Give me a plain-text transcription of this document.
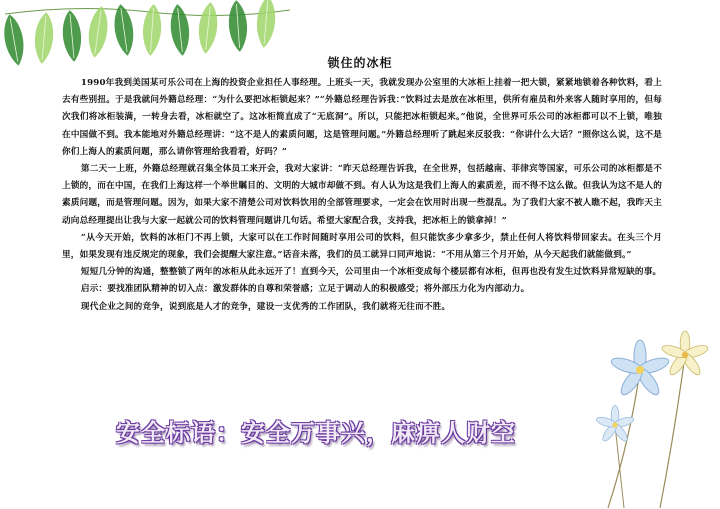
锁住的冰柜

1990年我到美国某可乐公司在上海的投资企业担任人事经理。上班头一天，我就发现办公室里的大冰柜上挂着一把大锁，紧紧地锁着各种饮料，看上去有些别扭。于是我就问外籍总经理：“为什么要把冰柜锁起来？”“外籍总经理告诉我：”饮料过去是放在冰柜里，供所有雇员和外来客人随时享用的，但每次我们将冰柜装满，一转身去看，冰柜就空了。这冰柜简直成了“无底洞”。所以，只能把冰柜锁起来。”他说，全世界可乐公司的冰柜都可以不上锁，唯独在中国做不到。我本能地对外籍总经理讲：“这不是人的素质问题，这是管理问题。”外籍总经理听了跳起来反驳我：“你讲什么大话？”照你这么说，这不是你们上海人的素质问题，那么请你管理给我看看，好吗？”

第二天一上班，外籍总经理就召集全体员工来开会，我对大家讲：“昨天总经理告诉我，在全世界，包括越南、菲律宾等国家，可乐公司的冰柜都是不上锁的，而在中国，在我们上海这样一个举世瞩目的、文明的大城市却做不到。有人认为这是我们上海人的素质差，而不得不这么做。但我认为这不是人的素质问题，而是管理问题。因为，如果大家不清楚公司对饮料饮用的全部管理要求，一定会在饮用时出现一些混乱。为了我们大家不被人瞧不起，我昨天主动向总经理提出让我与大家一起就公司的饮料管理问题讲几句话。希望大家配合我，支持我，把冰柜上的锁拿掉！”

“从今天开始，饮料的冰柜门不再上锁，大家可以在工作时间随时享用公司的饮料，但只能饮多少拿多少，禁止任何人将饮料带回家去。在头三个月里，如果发现有违反规定的现象，我们会提醒大家注意。”话音未落，我们的员工就异口同声地说：“不用从第三个月开始，从今天起我们就能做到。”

短短几分钟的沟通，整整锁了两年的冰柜从此永远开了！直到今天，公司里由一个冰柜变成每个楼层都有冰柜，但再也没有发生过饮料异常短缺的事。

启示：要找准团队精神的切入点：激发群体的自尊和荣誉感；立足于调动人的积极感受；将外部压力化为内部动力。

现代企业之间的竞争，说到底是人才的竞争，建设一支优秀的工作团队，我们就将无往而不胜。

安全标语：安全万事兴，麻痹人财空
